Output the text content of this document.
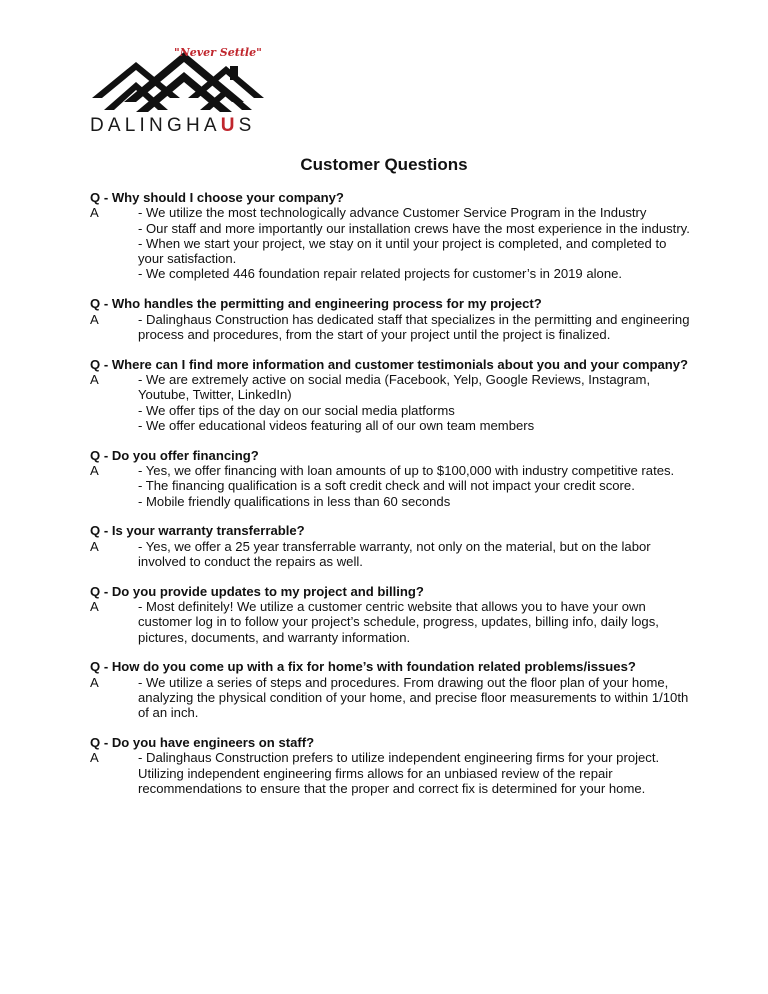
"Never Settle"
DALINGHAUS
Customer Questions
Q - Why should I choose your company?
A	- We utilize the most technologically advance Customer Service Program in the Industry
- Our staff and more importantly our installation crews have the most experience in the industry.
- When we start your project, we stay on it until your project is completed, and completed to your satisfaction.
- We completed 446 foundation repair related projects for customer’s in 2019 alone.
Q - Who handles the permitting and engineering process for my project?
A	- Dalinghaus Construction has dedicated staff that specializes in the permitting and engineering process and procedures, from the start of your project until the project is finalized.
Q - Where can I find more information and customer testimonials about you and your company?
A	- We are extremely active on social media (Facebook, Yelp, Google Reviews, Instagram, Youtube, Twitter, LinkedIn)
- We offer tips of the day on our social media platforms
- We offer educational videos featuring all of our own team members
Q - Do you offer financing?
A	- Yes, we offer financing with loan amounts of up to $100,000 with industry competitive rates.
- The financing qualification is a soft credit check and will not impact your credit score.
- Mobile friendly qualifications in less than 60 seconds
Q - Is your warranty transferrable?
A	- Yes, we offer a 25 year transferrable warranty, not only on the material, but on the labor involved to conduct the repairs as well.
Q - Do you provide updates to my project and billing?
A	- Most definitely! We utilize a customer centric website that allows you to have your own customer log in to follow your project’s schedule, progress, updates, billing info, daily logs, pictures, documents, and warranty information.
Q - How do you come up with a fix for home’s with foundation related problems/issues?
A	- We utilize a series of steps and procedures. From drawing out the floor plan of your home, analyzing the physical condition of your home, and precise floor measurements to within 1/10th of an inch.
Q - Do you have engineers on staff?
A	- Dalinghaus Construction prefers to utilize independent engineering firms for your project. Utilizing independent engineering firms allows for an unbiased review of the repair recommendations to ensure that the proper and correct fix is determined for your home.
